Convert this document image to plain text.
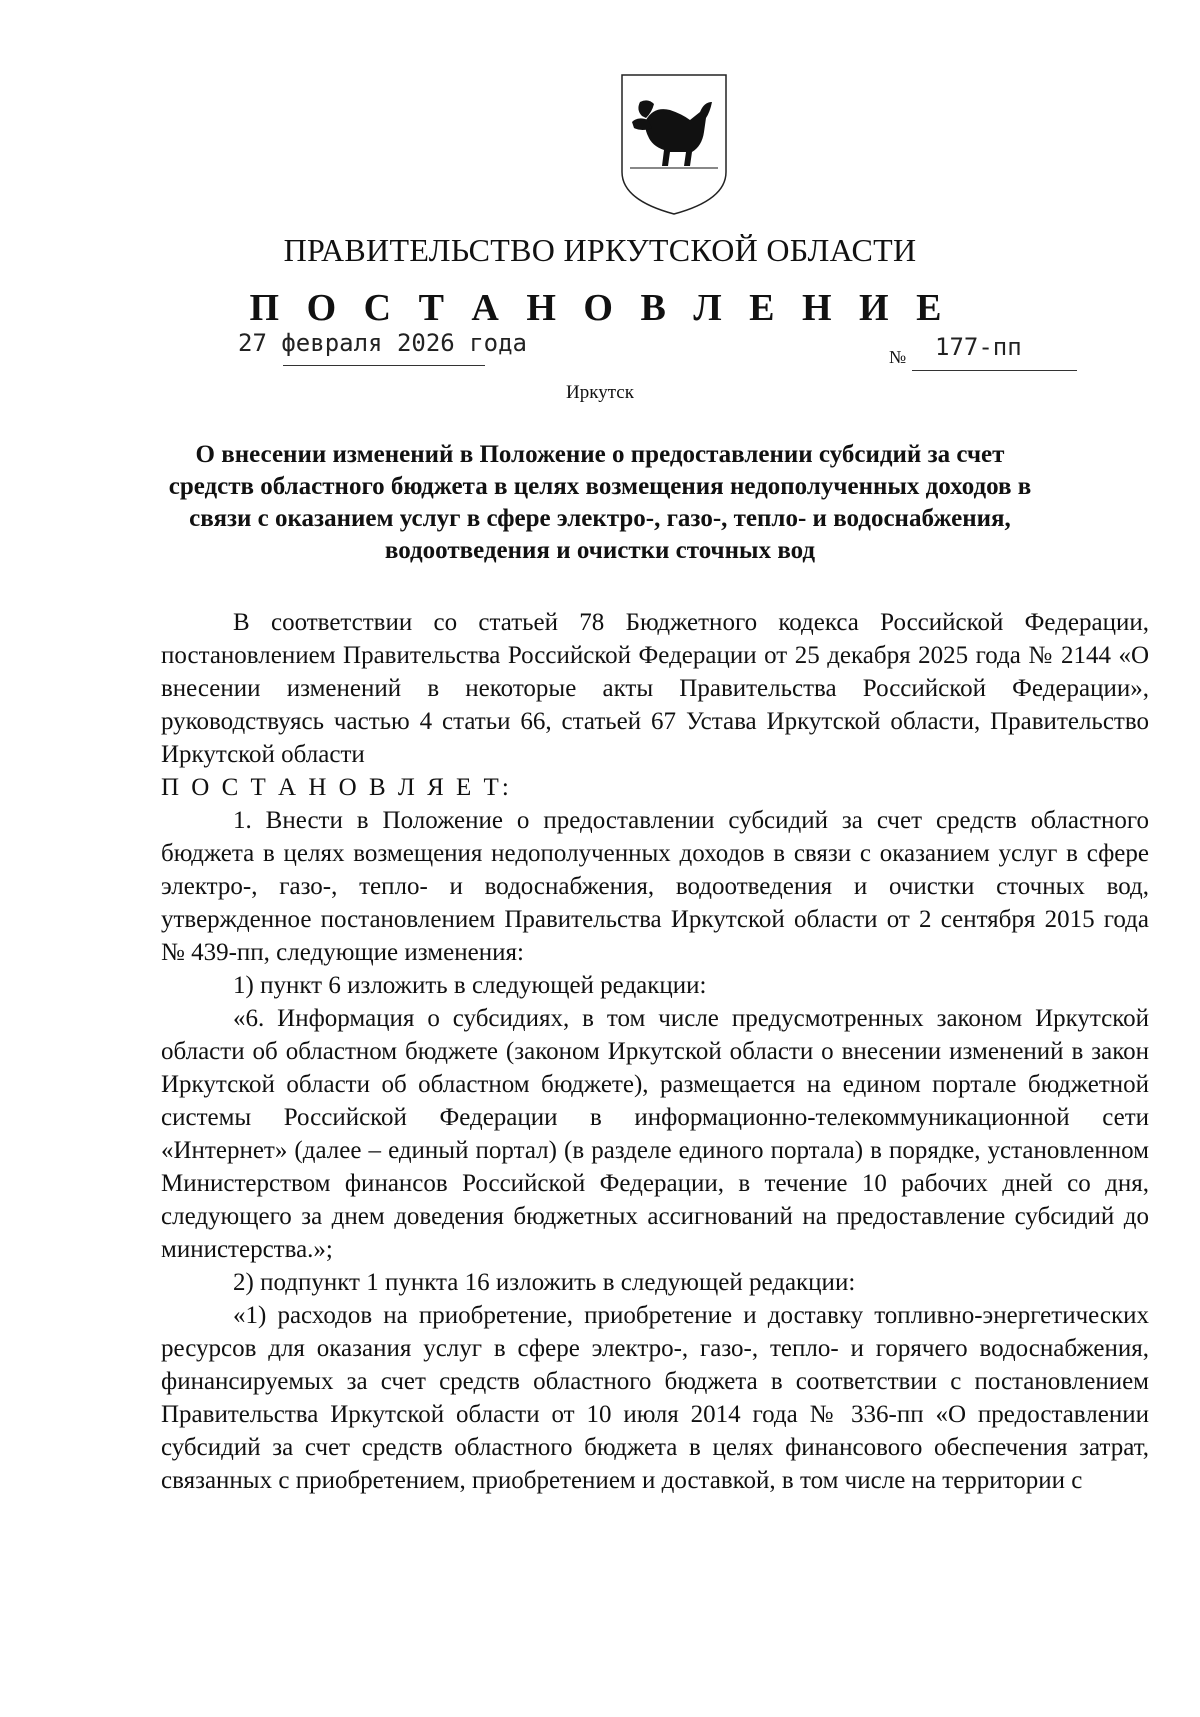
ПРАВИТЕЛЬСТВО ИРКУТСКОЙ ОБЛАСТИ
П О С Т А Н О В Л Е Н И Е
27 февраля 2026 года	№ 177-пп
Иркутск
О внесении изменений в Положение о предоставлении субсидий за счет средств областного бюджета в целях возмещения недополученных доходов в связи с оказанием услуг в сфере электро-, газо-, тепло- и водоснабжения, водоотведения и очистки сточных вод

В соответствии со статьей 78 Бюджетного кодекса Российской Федерации, постановлением Правительства Российской Федерации от 25 декабря 2025 года № 2144 «О внесении изменений в некоторые акты Правительства Российской Федерации», руководствуясь частью 4 статьи 66, статьей 67 Устава Иркутской области, Правительство Иркутской области

П О С Т А Н О В Л Я Е Т:

1. Внести в Положение о предоставлении субсидий за счет средств областного бюджета в целях возмещения недополученных доходов в связи с оказанием услуг в сфере электро-, газо-, тепло- и водоснабжения, водоотведения и очистки сточных вод, утвержденное постановлением Правительства Иркутской области от 2 сентября 2015 года № 439-пп, следующие изменения:

1) пункт 6 изложить в следующей редакции:

«6. Информация о субсидиях, в том числе предусмотренных законом Иркутской области об областном бюджете (законом Иркутской области о внесении изменений в закон Иркутской области об областном бюджете), размещается на едином портале бюджетной системы Российской Федерации в информационно-телекоммуникационной сети «Интернет» (далее – единый портал) (в разделе единого портала) в порядке, установленном Министерством финансов Российской Федерации, в течение 10 рабочих дней со дня, следующего за днем доведения бюджетных ассигнований на предоставление субсидий до министерства.»;

2) подпункт 1 пункта 16 изложить в следующей редакции:

«1) расходов на приобретение, приобретение и доставку топливно-энергетических ресурсов для оказания услуг в сфере электро-, газо-, тепло- и горячего водоснабжения, финансируемых за счет средств областного бюджета в соответствии с постановлением Правительства Иркутской области от 10 июля 2014 года № 336-пп «О предоставлении субсидий за счет средств областного бюджета в целях финансового обеспечения затрат, связанных с приобретением, приобретением и доставкой, в том числе на территории с
